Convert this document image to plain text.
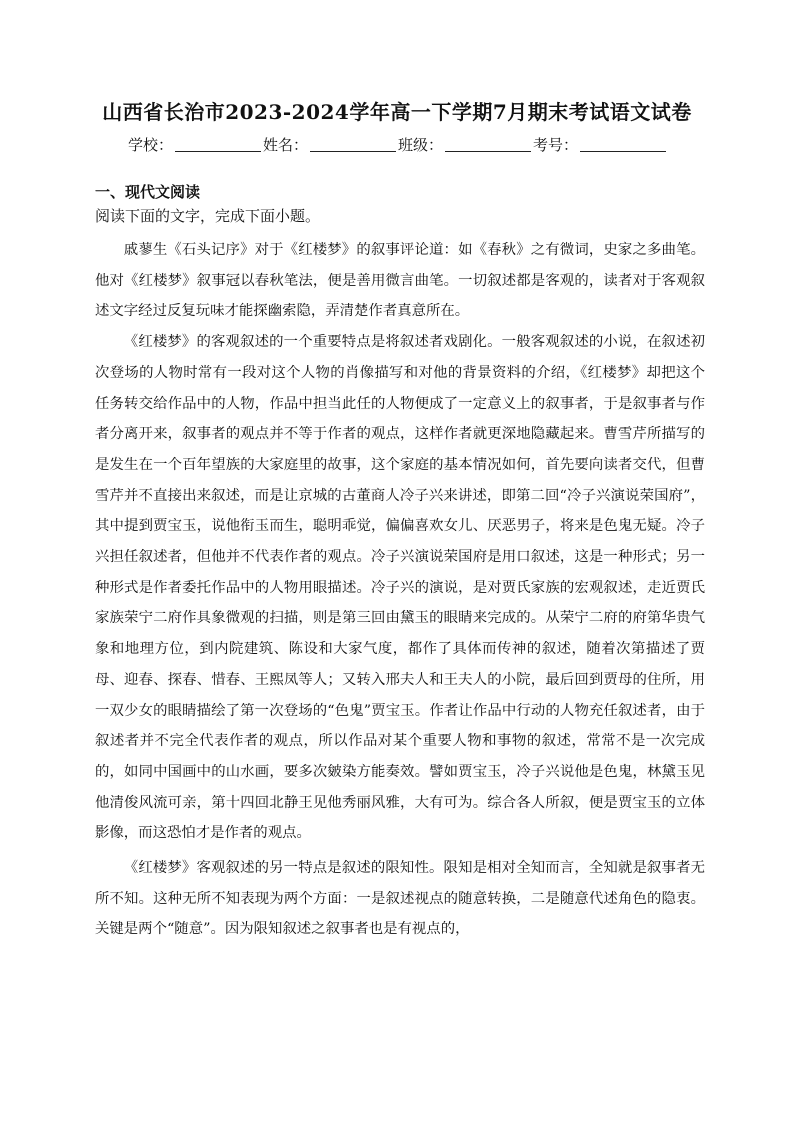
山西省长治市2023-2024学年高一下学期7月期末考试语文试卷
学校：	姓名：	班级：	考号：
一、现代文阅读
阅读下面的文字，完成下面小题。

戚蓼生《石头记序》对于《红楼梦》的叙事评论道：如《春秋》之有微词，史家之多曲笔。他对《红楼梦》叙事冠以春秋笔法，便是善用微言曲笔。一切叙述都是客观的，读者对于客观叙述文字经过反复玩味才能探幽索隐，弄清楚作者真意所在。

《红楼梦》的客观叙述的一个重要特点是将叙述者戏剧化。一般客观叙述的小说，在叙述初次登场的人物时常有一段对这个人物的肖像描写和对他的背景资料的介绍，《红楼梦》却把这个任务转交给作品中的人物，作品中担当此任的人物便成了一定意义上的叙事者，于是叙事者与作者分离开来，叙事者的观点并不等于作者的观点，这样作者就更深地隐藏起来。曹雪芹所描写的是发生在一个百年望族的大家庭里的故事，这个家庭的基本情况如何，首先要向读者交代，但曹雪芹并不直接出来叙述，而是让京城的古董商人冷子兴来讲述，即第二回“冷子兴演说荣国府”，其中提到贾宝玉，说他衔玉而生，聪明乖觉，偏偏喜欢女儿、厌恶男子，将来是色鬼无疑。冷子兴担任叙述者，但他并不代表作者的观点。冷子兴演说荣国府是用口叙述，这是一种形式；另一种形式是作者委托作品中的人物用眼描述。冷子兴的演说，是对贾氏家族的宏观叙述，走近贾氏家族荣宁二府作具象微观的扫描，则是第三回由黛玉的眼睛来完成的。从荣宁二府的府第华贵气象和地理方位，到内院建筑、陈设和大家气度，都作了具体而传神的叙述，随着次第描述了贾母、迎春、探春、惜春、王熙凤等人；又转入邢夫人和王夫人的小院，最后回到贾母的住所，用一双少女的眼睛描绘了第一次登场的“色鬼”贾宝玉。作者让作品中行动的人物充任叙述者，由于叙述者并不完全代表作者的观点，所以作品对某个重要人物和事物的叙述，常常不是一次完成的，如同中国画中的山水画，要多次皴染方能奏效。譬如贾宝玉，冷子兴说他是色鬼，林黛玉见他清俊风流可亲，第十四回北静王见他秀丽风雅，大有可为。综合各人所叙，便是贾宝玉的立体影像，而这恐怕才是作者的观点。

《红楼梦》客观叙述的另一特点是叙述的限知性。限知是相对全知而言，全知就是叙事者无所不知。这种无所不知表现为两个方面：一是叙述视点的随意转换，二是随意代述角色的隐衷。关键是两个“随意”。因为限知叙述之叙事者也是有视点的，
